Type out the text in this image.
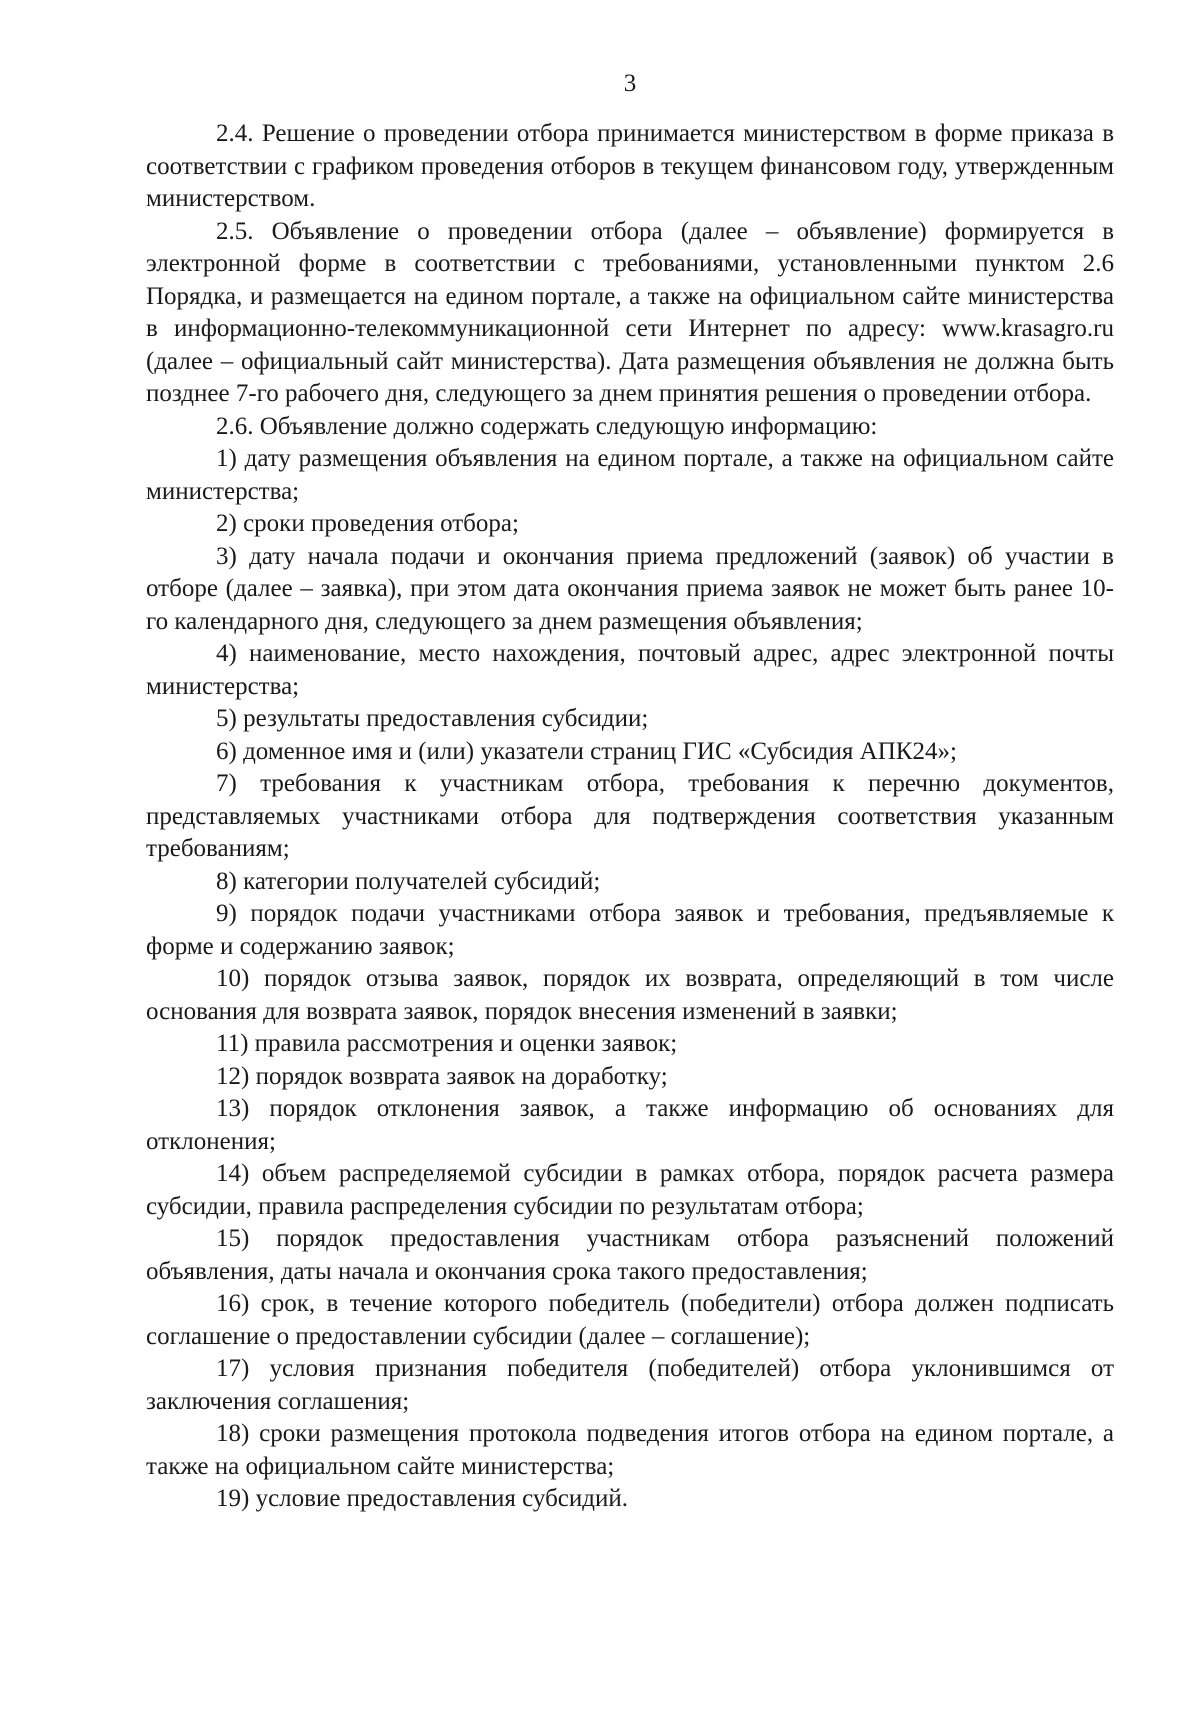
3

2.4. Решение о проведении отбора принимается министерством в форме приказа в соответствии с графиком проведения отборов в текущем финансовом году, утвержденным министерством.

2.5. Объявление о проведении отбора (далее – объявление) формируется в электронной форме в соответствии с требованиями, установленными пунктом 2.6 Порядка, и размещается на едином портале, а также на официальном сайте министерства в информационно-телекоммуникационной сети Интернет по адресу: www.krasagro.ru (далее – официальный сайт министерства). Дата размещения объявления не должна быть позднее 7-го рабочего дня, следующего за днем принятия решения о проведении отбора.

2.6. Объявление должно содержать следующую информацию:

1) дату размещения объявления на едином портале, а также на официальном сайте министерства;

2) сроки проведения отбора;

3) дату начала подачи и окончания приема предложений (заявок) об участии в отборе (далее – заявка), при этом дата окончания приема заявок не может быть ранее 10-го календарного дня, следующего за днем размещения объявления;

4) наименование, место нахождения, почтовый адрес, адрес электронной почты министерства;

5) результаты предоставления субсидии;

6) доменное имя и (или) указатели страниц ГИС «Субсидия АПК24»;

7) требования к участникам отбора, требования к перечню документов, представляемых участниками отбора для подтверждения соответствия указанным требованиям;

8) категории получателей субсидий;

9) порядок подачи участниками отбора заявок и требования, предъявляемые к форме и содержанию заявок;

10) порядок отзыва заявок, порядок их возврата, определяющий в том числе основания для возврата заявок, порядок внесения изменений в заявки;

11) правила рассмотрения и оценки заявок;

12) порядок возврата заявок на доработку;

13) порядок отклонения заявок, а также информацию об основаниях для отклонения;

14) объем распределяемой субсидии в рамках отбора, порядок расчета размера субсидии, правила распределения субсидии по результатам отбора;

15) порядок предоставления участникам отбора разъяснений положений объявления, даты начала и окончания срока такого предоставления;

16) срок, в течение которого победитель (победители) отбора должен подписать соглашение о предоставлении субсидии (далее – соглашение);

17) условия признания победителя (победителей) отбора уклонившимся от заключения соглашения;

18) сроки размещения протокола подведения итогов отбора на едином портале, а также на официальном сайте министерства;

19) условие предоставления субсидий.
